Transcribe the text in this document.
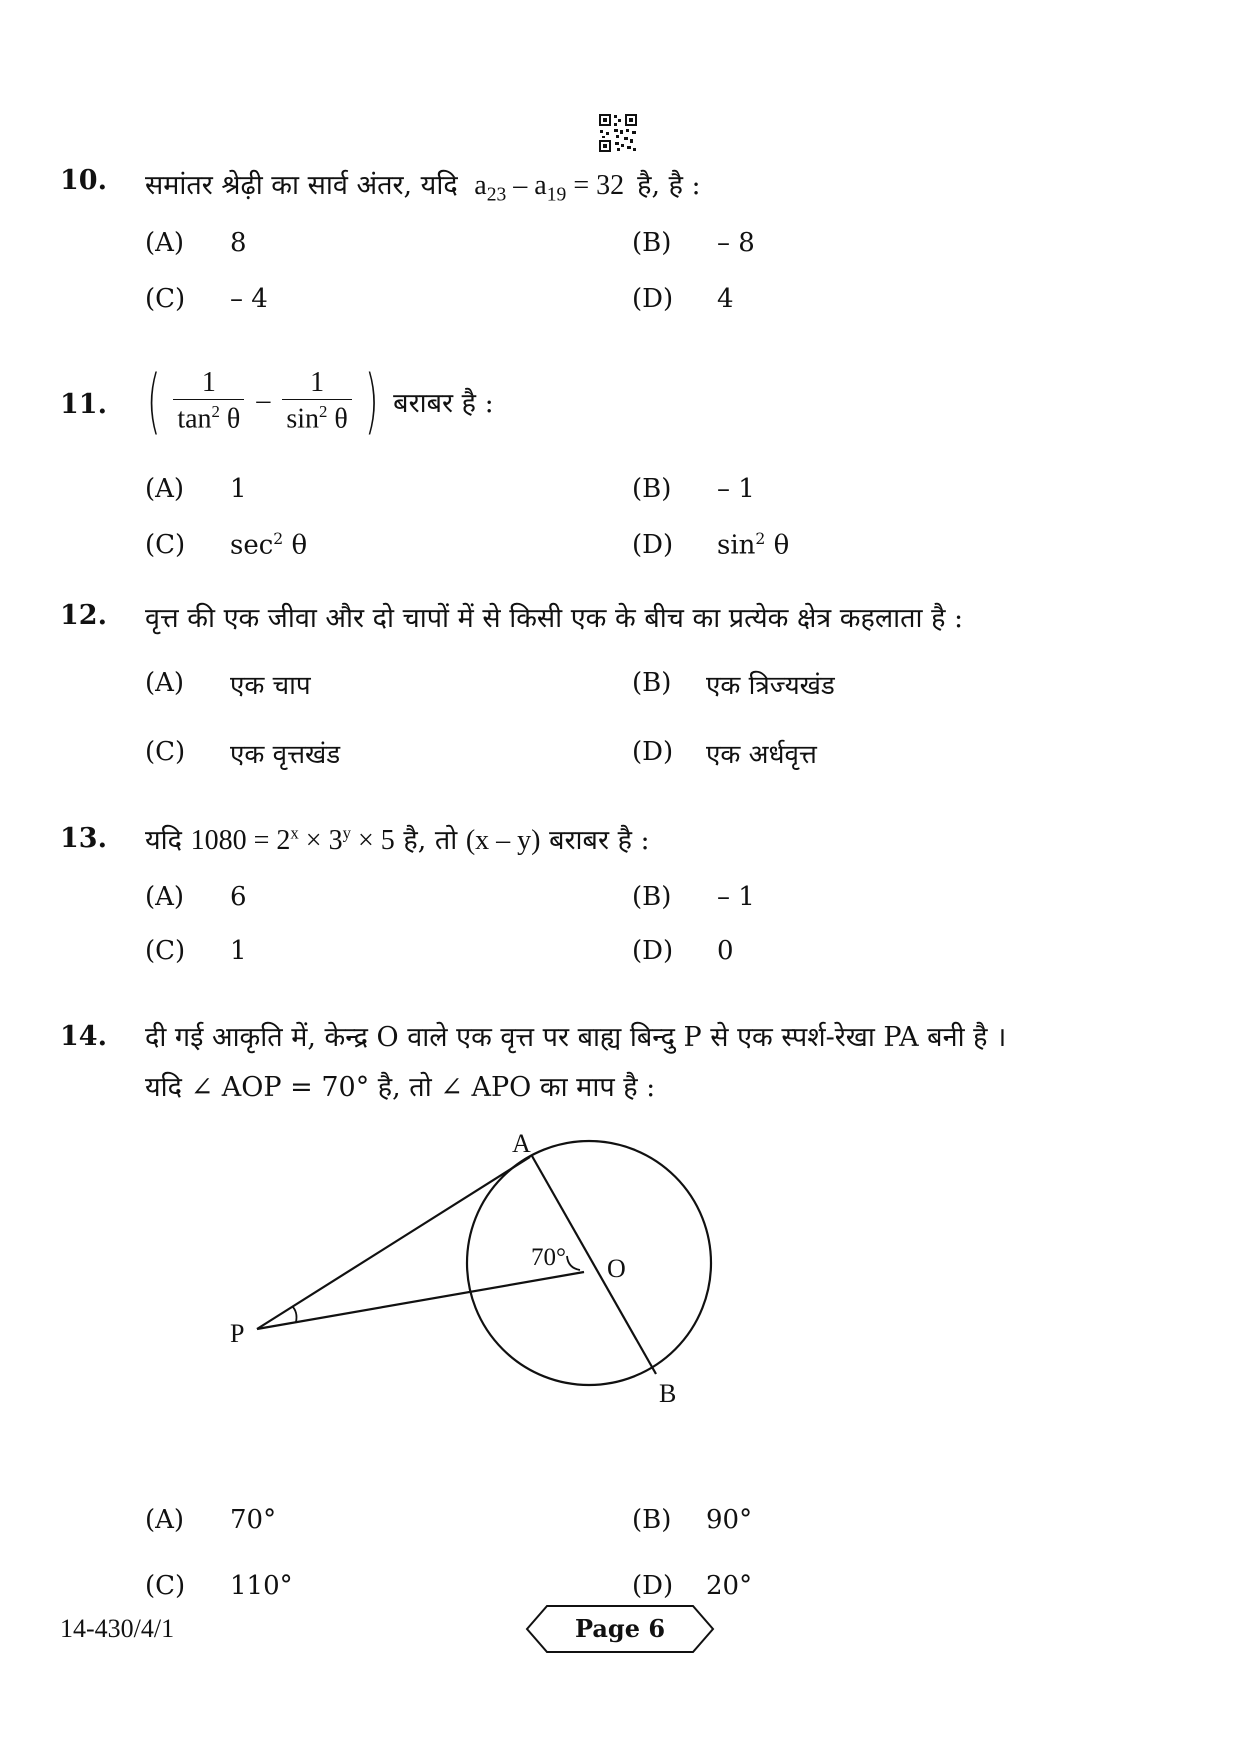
10. समांतर श्रेढ़ी का सार्व अंतर, यदि $a_{23} - a_{19} = 32$ है, है :
(A) 8	(B) – 8
(C) – 4	(D) 4
11. ( $\frac{1}{\tan^2 \theta} - \frac{1}{\sin^2 \theta}$ ) बराबर है :
(A) 1	(B) – 1
(C) $\sec^2 \theta$	(D) $\sin^2 \theta$
12. वृत्त की एक जीवा और दो चापों में से किसी एक के बीच का प्रत्येक क्षेत्र कहलाता है :
(A) एक चाप	(B) एक त्रिज्यखंड
(C) एक वृत्तखंड	(D) एक अर्धवृत्त
13. यदि $1080 = 2^x \times 3^y \times 5$ है, तो (x – y) बराबर है :
(A) 6	(B) – 1
(C) 1	(D) 0
14. दी गई आकृति में, केन्द्र O वाले एक वृत्त पर बाह्य बिन्दु P से एक स्पर्श-रेखा PA बनी है ।
यदि ∠ AOP = 70° है, तो ∠ APO का माप है :
A
O
P
B
70°
(A) 70°	(B) 90°
(C) 110°	(D) 20°
14-430/4/1	Page 6
